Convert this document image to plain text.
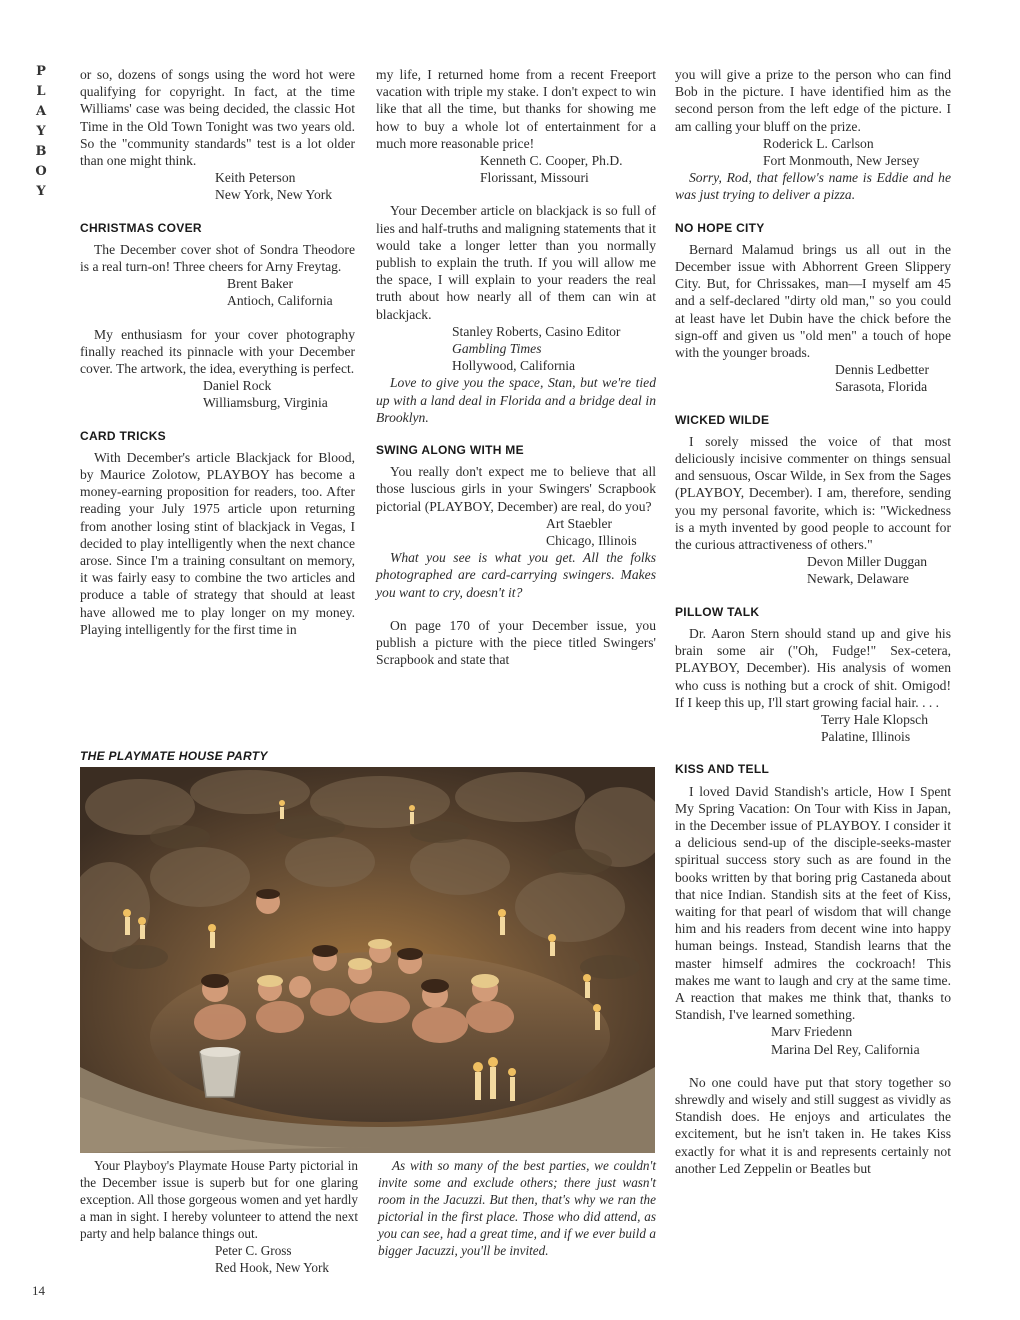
P
L
A
Y
B
O
Y

or so, dozens of songs using the word hot were qualifying for copyright. In fact, at the time Williams' case was being decided, the classic Hot Time in the Old Town Tonight was two years old. So the "community standards" test is a lot older than one might think.

Keith Peterson

New York, New York

CHRISTMAS COVER

The December cover shot of Sondra Theodore is a real turn-on! Three cheers for Arny Freytag.

Brent Baker

Antioch, California

My enthusiasm for your cover photography finally reached its pinnacle with your December cover. The artwork, the idea, everything is perfect.

Daniel Rock

Williamsburg, Virginia

CARD TRICKS

With December's article Blackjack for Blood, by Maurice Zolotow, PLAYBOY has become a money-earning proposition for readers, too. After reading your July 1975 article upon returning from another losing stint of blackjack in Vegas, I decided to play intelligently when the next chance arose. Since I'm a training consultant on memory, it was fairly easy to combine the two articles and produce a table of strategy that should at least have allowed me to play longer on my money. Playing intelligently for the first time in

my life, I returned home from a recent Freeport vacation with triple my stake. I don't expect to win like that all the time, but thanks for showing me how to buy a whole lot of entertainment for a much more reasonable price!

Kenneth C. Cooper, Ph.D.

Florissant, Missouri

Your December article on blackjack is so full of lies and half-truths and maligning statements that it would take a longer letter than you normally publish to explain the truth. If you will allow me the space, I will explain to your readers the real truth about how nearly all of them can win at blackjack.

Stanley Roberts, Casino Editor

Gambling Times

Hollywood, California

Love to give you the space, Stan, but we're tied up with a land deal in Florida and a bridge deal in Brooklyn.

SWING ALONG WITH ME

You really don't expect me to believe that all those luscious girls in your Swingers' Scrapbook pictorial (PLAYBOY, December) are real, do you?

Art Staebler

Chicago, Illinois

What you see is what you get. All the folks photographed are card-carrying swingers. Makes you want to cry, doesn't it?

On page 170 of your December issue, you publish a picture with the piece titled Swingers' Scrapbook and state that

you will give a prize to the person who can find Bob in the picture. I have identified him as the second person from the left edge of the picture. I am calling your bluff on the prize.

Roderick L. Carlson

Fort Monmouth, New Jersey

Sorry, Rod, that fellow's name is Eddie and he was just trying to deliver a pizza.

NO HOPE CITY

Bernard Malamud brings us all out in the December issue with Abhorrent Green Slippery City. But, for Chrissakes, man—I myself am 45 and a self-declared "dirty old man," so you could at least have let Dubin have the chick before the sign-off and given us "old men" a touch of hope with the younger broads.

Dennis Ledbetter

Sarasota, Florida

WICKED WILDE

I sorely missed the voice of that most deliciously incisive commenter on things sensual and sensuous, Oscar Wilde, in Sex from the Sages (PLAYBOY, December). I am, therefore, sending you my personal favorite, which is: "Wickedness is a myth invented by good people to account for the curious attractiveness of others."

Devon Miller Duggan

Newark, Delaware

PILLOW TALK

Dr. Aaron Stern should stand up and give his brain some air ("Oh, Fudge!" Sex-cetera, PLAYBOY, December). His analysis of women who cuss is nothing but a crock of shit. Omigod! If I keep this up, I'll start growing facial hair. . . .

Terry Hale Klopsch

Palatine, Illinois

KISS AND TELL

I loved David Standish's article, How I Spent My Spring Vacation: On Tour with Kiss in Japan, in the December issue of PLAYBOY. I consider it a delicious send-up of the disciple-seeks-master spiritual success story such as are found in the books written by that boring prig Castaneda about that nice Indian. Standish sits at the feet of Kiss, waiting for that pearl of wisdom that will change him and his readers from decent wine into happy human beings. Instead, Standish learns that the master himself admires the cockroach! This makes me want to laugh and cry at the same time. A reaction that makes me think that, thanks to Standish, I've learned something.

Marv Friedenn

Marina Del Rey, California

No one could have put that story together so shrewdly and wisely and still suggest as vividly as Standish does. He enjoys and articulates the excitement, but he isn't taken in. He takes Kiss exactly for what it is and represents certainly not another Led Zeppelin or Beatles but

THE PLAYMATE HOUSE PARTY

Your Playboy's Playmate House Party pictorial in the December issue is superb but for one glaring exception. All those gorgeous women and yet hardly a man in sight. I hereby volunteer to attend the next party and help balance things out.

Peter C. Gross

Red Hook, New York

As with so many of the best parties, we couldn't invite some and exclude others; there just wasn't room in the Jacuzzi. But then, that's why we ran the pictorial in the first place. Those who did attend, as you can see, had a great time, and if we ever build a bigger Jacuzzi, you'll be invited.

14
